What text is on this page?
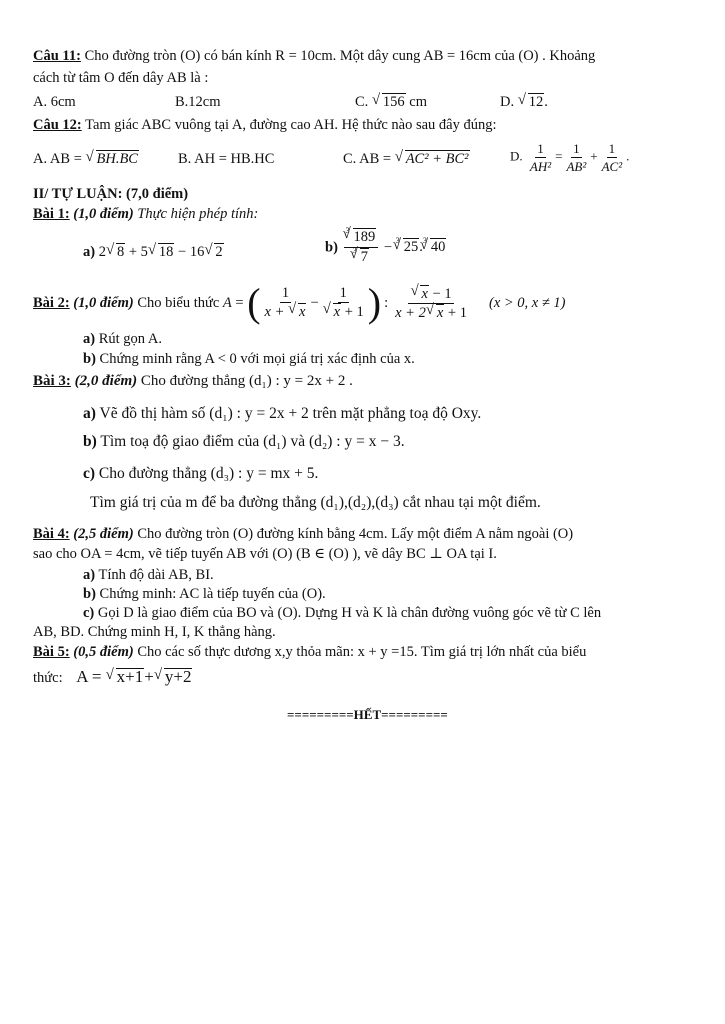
Câu 11: Cho đường tròn (O) có bán kính R = 10cm. Một dây cung AB = 16cm của (O) . Khoảng
cách từ tâm O đến dây AB là :
A. 6cm	B.12cm	C. √ 156 cm	D. √ 12.
Câu 12: Tam giác ABC vuông tại A, đường cao AH. Hệ thức nào sau đây đúng:
A. AB = √ BH.BC	B. AH = HB.HC	C. AB = √ AC² + BC²	D. $\frac{1}{\text{AH²}} = \frac{1}{\text{AB²}} + \frac{1}{\text{AC²}}$ .
II/ TỰ LUẬN: (7,0 điểm)
Bài 1: (1,0 điểm) Thực hiện phép tính:
a) 2√ 8 + 5√ 18 − 16√ 2	$b) \frac{^3√ 189}{^3√ 7} - ^3√$ 25.$^3$√ 40
Bài 2: (1,0 điểm) Cho biểu thức A = ( $\frac{1}{x + √ x} - 1$
√ x + 1 ) :
√ $\frac{x - 1}{x + 2√ x + 1} (x > 0$, x ≠ 1)
a) Rút gọn A.
b) Chứng minh rằng A < 0 với mọi giá trị xác định của x.
Bài 3: (2,0 điểm) Cho đường thẳng (d₁) : y = 2x + 2 .
a) Vẽ đồ thị hàm số (d₁) : y = 2x + 2 trên mặt phẳng toạ độ Oxy.
b) Tìm toạ độ giao điểm của (d₁) và (d₂) : y = x − 3.
c) Cho đường thẳng (d₃) : y = mx + 5.
Tìm giá trị của m để ba đường thẳng (d₁),(d₂),(d₃) cắt nhau tại một điểm.
Bài 4: (2,5 điểm) Cho đường tròn (O) đường kính bằng 4cm. Lấy một điểm A nằm ngoài (O)
sao cho OA = 4cm, vẽ tiếp tuyến AB với (O) (B ∈ (O) ), vẽ dây BC ⊥ OA tại I.
a) Tính độ dài AB, BI.
b) Chứng minh: AC là tiếp tuyến của (O).
c) Gọi D là giao điểm của BO và (O). Dựng H và K là chân đường vuông góc vẽ từ C lên
AB, BD. Chứng minh H, I, K thẳng hàng.
Bài 5: (0,5 điểm) Cho các số thực dương x,y thỏa mãn: x + y =15. Tìm giá trị lớn nhất của biểu
thức: A = √ x+1+√ y+2
=========HẾT=========
